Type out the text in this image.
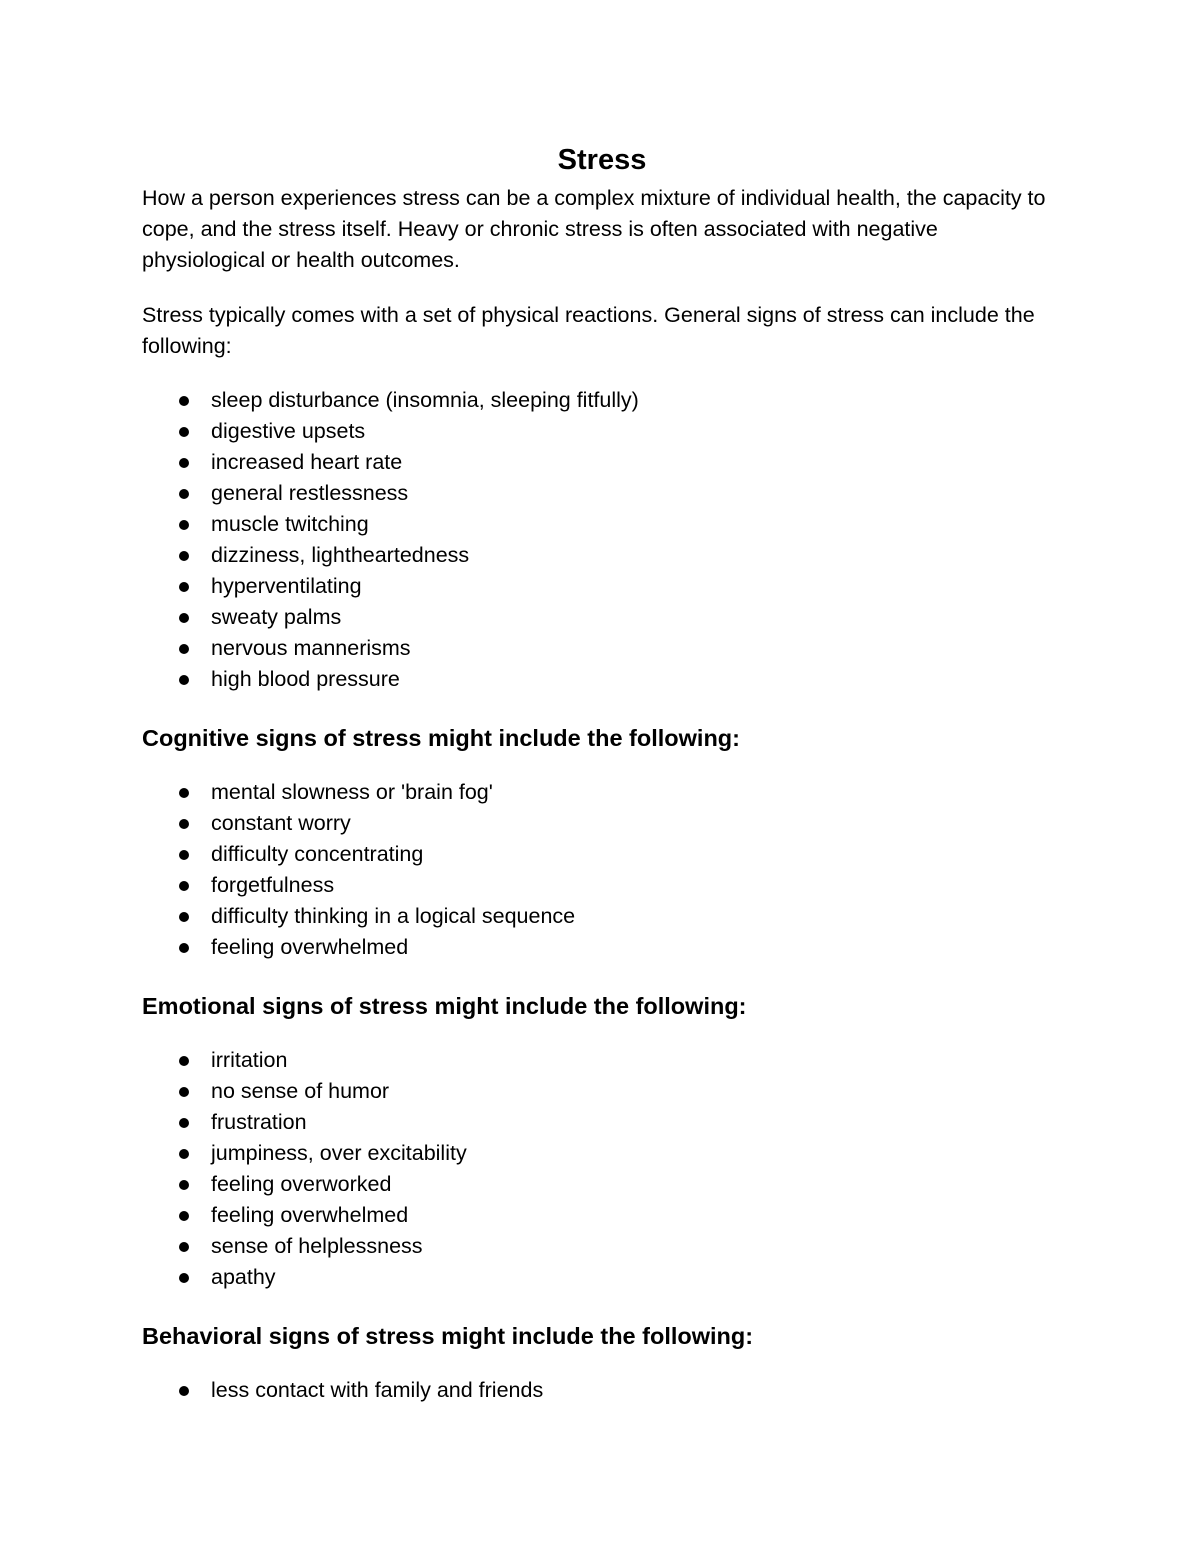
Stress

How a person experiences stress can be a complex mixture of individual health, the capacity to cope, and the stress itself. Heavy or chronic stress is often associated with negative physiological or health outcomes.

Stress typically comes with a set of physical reactions. General signs of stress can include the following:

sleep disturbance (insomnia, sleeping fitfully)
digestive upsets
increased heart rate
general restlessness
muscle twitching
dizziness, lightheartedness
hyperventilating
sweaty palms
nervous mannerisms
high blood pressure
Cognitive signs of stress might include the following:
mental slowness or 'brain fog'
constant worry
difficulty concentrating
forgetfulness
difficulty thinking in a logical sequence
feeling overwhelmed
Emotional signs of stress might include the following:
irritation
no sense of humor
frustration
jumpiness, over excitability
feeling overworked
feeling overwhelmed
sense of helplessness
apathy
Behavioral signs of stress might include the following:
less contact with family and friends
